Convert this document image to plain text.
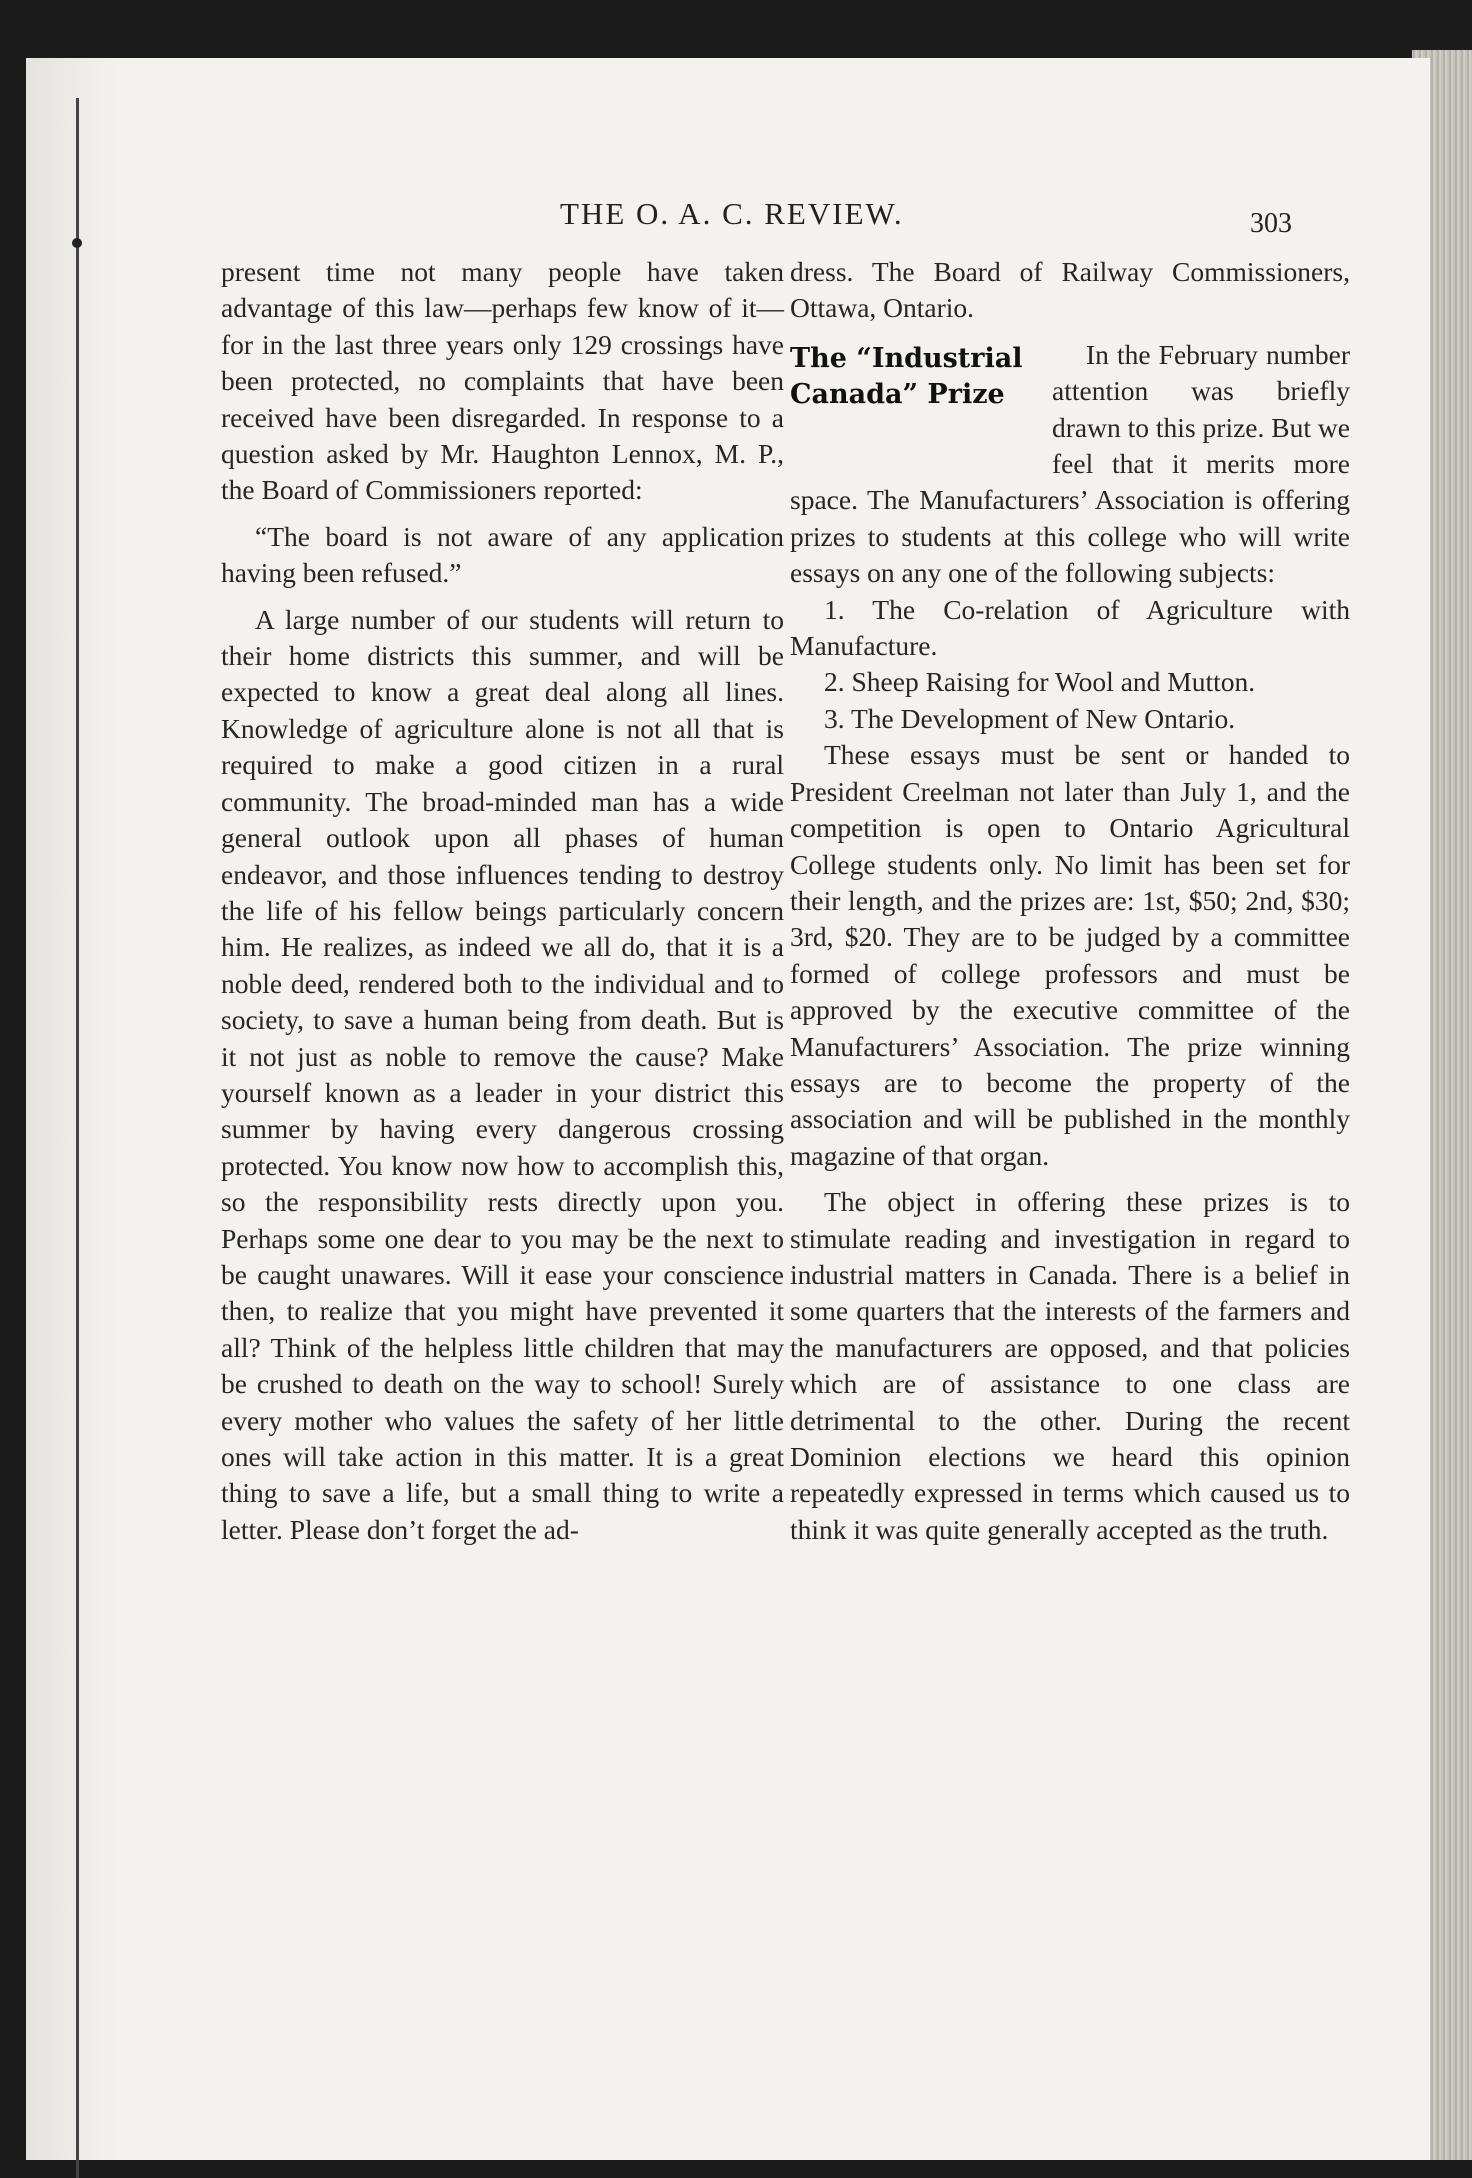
THE O. A. C. REVIEW.	303

present time not many people have taken advantage of this law—perhaps few know of it—for in the last three years only 129 crossings have been protected, no complaints that have been received have been disregarded. In response to a question asked by Mr. Haughton Lennox, M. P., the Board of Commissioners reported:

“The board is not aware of any application having been refused.”

A large number of our students will return to their home districts this summer, and will be expected to know a great deal along all lines. Knowledge of agriculture alone is not all that is required to make a good citizen in a rural community. The broad-minded man has a wide general outlook upon all phases of human endeavor, and those influences tending to destroy the life of his fellow beings particularly concern him. He realizes, as indeed we all do, that it is a noble deed, rendered both to the individual and to society, to save a human being from death. But is it not just as noble to remove the cause? Make yourself known as a leader in your district this summer by having every dangerous crossing protected. You know now how to accomplish this, so the responsibility rests directly upon you. Perhaps some one dear to you may be the next to be caught unawares. Will it ease your conscience then, to realize that you might have prevented it all? Think of the helpless little children that may be crushed to death on the way to school! Surely every mother who values the safety of her little ones will take action in this matter. It is a great thing to save a life, but a small thing to write a letter. Please don’t forget the ad-

dress. The Board of Railway Commissioners, Ottawa, Ontario.

The “Industrial
Canada” Prize

In the February number attention was briefly drawn to this prize. But we feel that it merits more space. The Manufacturers’ Association is offering prizes to students at this college who will write essays on any one of the following subjects:

1. The Co-relation of Agriculture with Manufacture.

2. Sheep Raising for Wool and Mutton.

3. The Development of New Ontario.

These essays must be sent or handed to President Creelman not later than July 1, and the competition is open to Ontario Agricultural College students only. No limit has been set for their length, and the prizes are: 1st, $50; 2nd, $30; 3rd, $20. They are to be judged by a committee formed of college professors and must be approved by the executive committee of the Manufacturers’ Association. The prize winning essays are to become the property of the association and will be published in the monthly magazine of that organ.

The object in offering these prizes is to stimulate reading and investigation in regard to industrial matters in Canada. There is a belief in some quarters that the interests of the farmers and the manufacturers are opposed, and that policies which are of assistance to one class are detrimental to the other. During the recent Dominion elections we heard this opinion repeatedly expressed in terms which caused us to think it was quite generally accepted as the truth.
